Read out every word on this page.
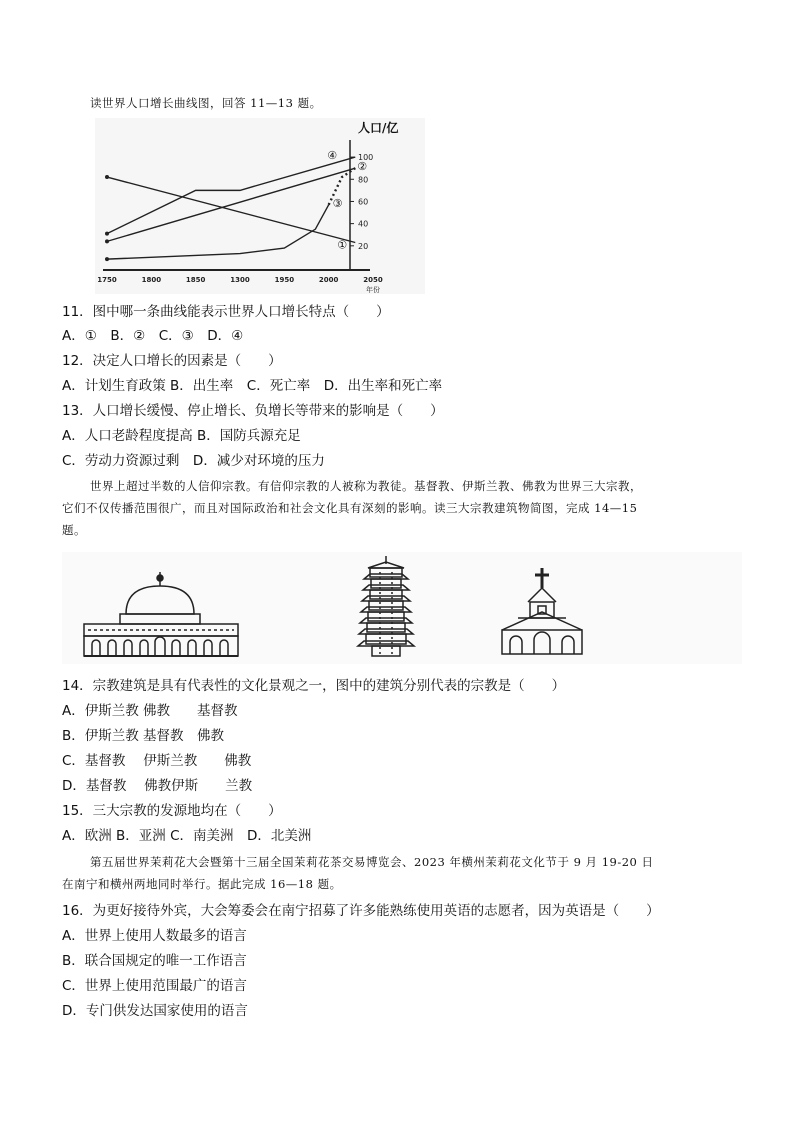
读世界人口增长曲线图，回答 11—13 题。
20
40
60
80
100
人口/亿
1750	1800	1850	1300	1950	2000	2050
年份
①
②
③
④
11．图中哪一条曲线能表示世界人口增长特点（　　）
A．①　B．②　C．③　D．④
12．决定人口增长的因素是（　　）
A．计划生育政策 B．出生率　C．死亡率　D．出生率和死亡率
13．人口增长缓慢、停止增长、负增长等带来的影响是（　　）
A．人口老龄程度提高 B．国防兵源充足
C．劳动力资源过剩　D．减少对环境的压力
世界上超过半数的人信仰宗教。有信仰宗教的人被称为教徒。基督教、伊斯兰教、佛教为世界三大宗教，
它们不仅传播范围很广，而且对国际政治和社会文化具有深刻的影响。读三大宗教建筑物简图，完成 14—15
题。
14．宗教建筑是具有代表性的文化景观之一，图中的建筑分别代表的宗教是（　　）
A．伊斯兰教 佛教　　基督教
B．伊斯兰教 基督教　佛教
C．基督教　 伊斯兰教　　佛教
D．基督教　 佛教伊斯　　兰教
15．三大宗教的发源地均在（　　）
A．欧洲 B．亚洲 C．南美洲　D．北美洲
第五届世界茉莉花大会暨第十三届全国茉莉花茶交易博览会、2023 年横州茉莉花文化节于 9 月 19-20 日
在南宁和横州两地同时举行。据此完成 16—18 题。
16．为更好接待外宾，大会筹委会在南宁招募了许多能熟练使用英语的志愿者，因为英语是（　　）
A．世界上使用人数最多的语言
B．联合国规定的唯一工作语言
C．世界上使用范围最广的语言
D．专门供发达国家使用的语言
